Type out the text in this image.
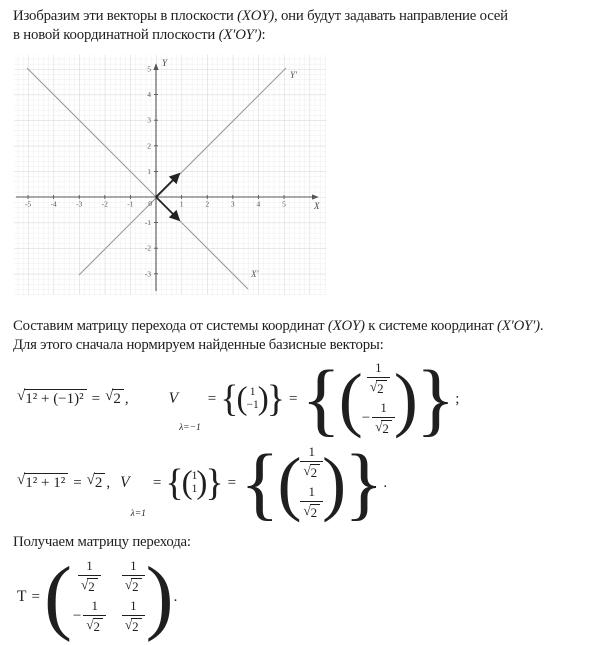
Изобразим эти векторы в плоскости (XOY), они будут задавать направление осей
в новой координатной плоскости (X′OY′):
Y
X
Y′
X′
0
-5	-4	-3	-2	-1	1	2	3	4	5
5
4
3
2
1
-1
-2
-3
Составим матрицу перехода от системы координат (XOY) к системе координат (X′OY′).
Для этого сначала нормируем найденные базисные векторы:
√ 1² + (−1)² = √ 2 ,	V
λ=−1
= {
( 1
−1 )
} = {
( $\frac{1}{√ 2}$
− $\frac{1}{√ 2}$ )
} ;
√ 1² + 1² = √ 2 , V
λ=1
= {
( 1
1 )
} = {
( $\frac{1}{√ 2}$
$\frac{1}{√ 2}$ )
} .
Получаем матрицу перехода:
T = ( $\frac{1}{√ 2} \frac{1}{√ 2}$
− $\frac{1}{√ 2} \frac{1}{√ 2}$ ) .
